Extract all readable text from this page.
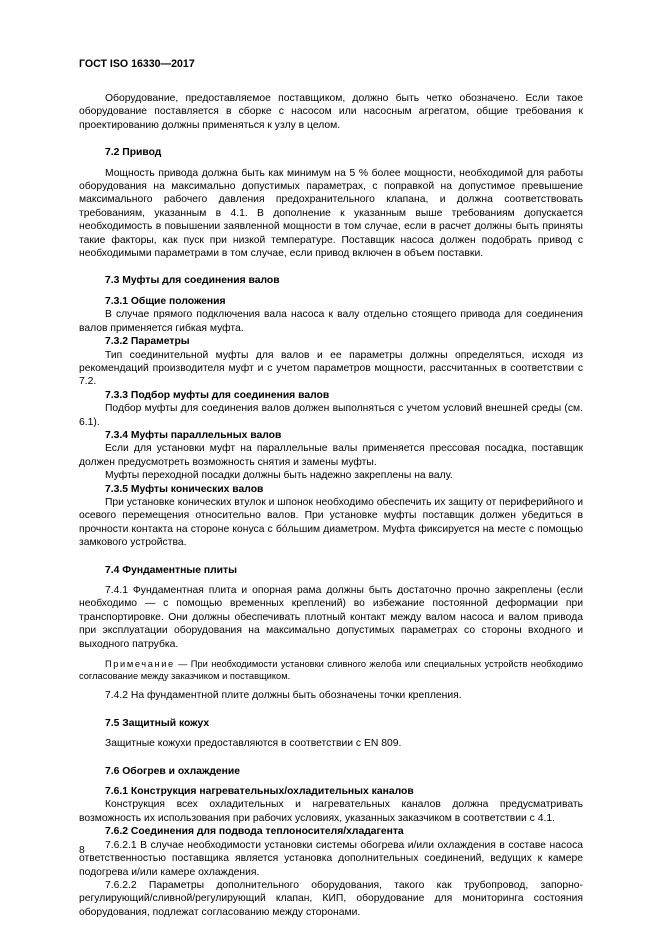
ГОСТ ISO 16330—2017

Оборудование, предоставляемое поставщиком, должно быть четко обозначено. Если такое оборудование поставляется в сборке с насосом или насосным агрегатом, общие требования к проектированию должны применяться к узлу в целом.

7.2 Привод

Мощность привода должна быть как минимум на 5 % более мощности, необходимой для работы оборудования на максимально допустимых параметрах, с поправкой на допустимое превышение максимального рабочего давления предохранительного клапана, и должна соответствовать требованиям, указанным в 4.1. В дополнение к указанным выше требованиям допускается необходимость в повышении заявленной мощности в том случае, если в расчет должны быть приняты такие факторы, как пуск при низкой температуре. Поставщик насоса должен подобрать привод с необходимыми параметрами в том случае, если привод включен в объем поставки.

7.3 Муфты для соединения валов
7.3.1 Общие положения

В случае прямого подключения вала насоса к валу отдельно стоящего привода для соединения валов применяется гибкая муфта.

7.3.2 Параметры

Тип соединительной муфты для валов и ее параметры должны определяться, исходя из рекомендаций производителя муфт и с учетом параметров мощности, рассчитанных в соответствии с 7.2.

7.3.3 Подбор муфты для соединения валов

Подбор муфты для соединения валов должен выполняться с учетом условий внешней среды (см. 6.1).

7.3.4 Муфты параллельных валов

Если для установки муфт на параллельные валы применяется прессовая посадка, поставщик должен предусмотреть возможность снятия и замены муфты.

Муфты переходной посадки должны быть надежно закреплены на валу.

7.3.5 Муфты конических валов

При установке конических втулок и шпонок необходимо обеспечить их защиту от периферийного и осевого перемещения относительно валов. При установке муфты поставщик должен убедиться в прочности контакта на стороне конуса с бóльшим диаметром. Муфта фиксируется на месте с помощью замкового устройства.

7.4 Фундаментные плиты

7.4.1 Фундаментная плита и опорная рама должны быть достаточно прочно закреплены (если необходимо — с помощью временных креплений) во избежание постоянной деформации при транспортировке. Они должны обеспечивать плотный контакт между валом насоса и валом привода при эксплуатации оборудования на максимально допустимых параметрах со стороны входного и выходного патрубка.

Примечание — При необходимости установки сливного желоба или специальных устройств необходимо согласование между заказчиком и поставщиком.

7.4.2 На фундаментной плите должны быть обозначены точки крепления.

7.5 Защитный кожух

Защитные кожухи предоставляются в соответствии с EN 809.

7.6 Обогрев и охлаждение
7.6.1 Конструкция нагревательных/охладительных каналов

Конструкция всех охладительных и нагревательных каналов должна предусматривать возможность их использования при рабочих условиях, указанных заказчиком в соответствии с 4.1.

7.6.2 Соединения для подвода теплоносителя/хладагента

7.6.2.1 В случае необходимости установки системы обогрева и/или охлаждения в составе насоса ответственностью поставщика является установка дополнительных соединений, ведущих к камере подогрева и/или камере охлаждения.

7.6.2.2 Параметры дополнительного оборудования, такого как трубопровод, запорно-регулирующий/сливной/регулирующий клапан, КИП, оборудование для мониторинга состояния оборудования, подлежат согласованию между сторонами.

8
